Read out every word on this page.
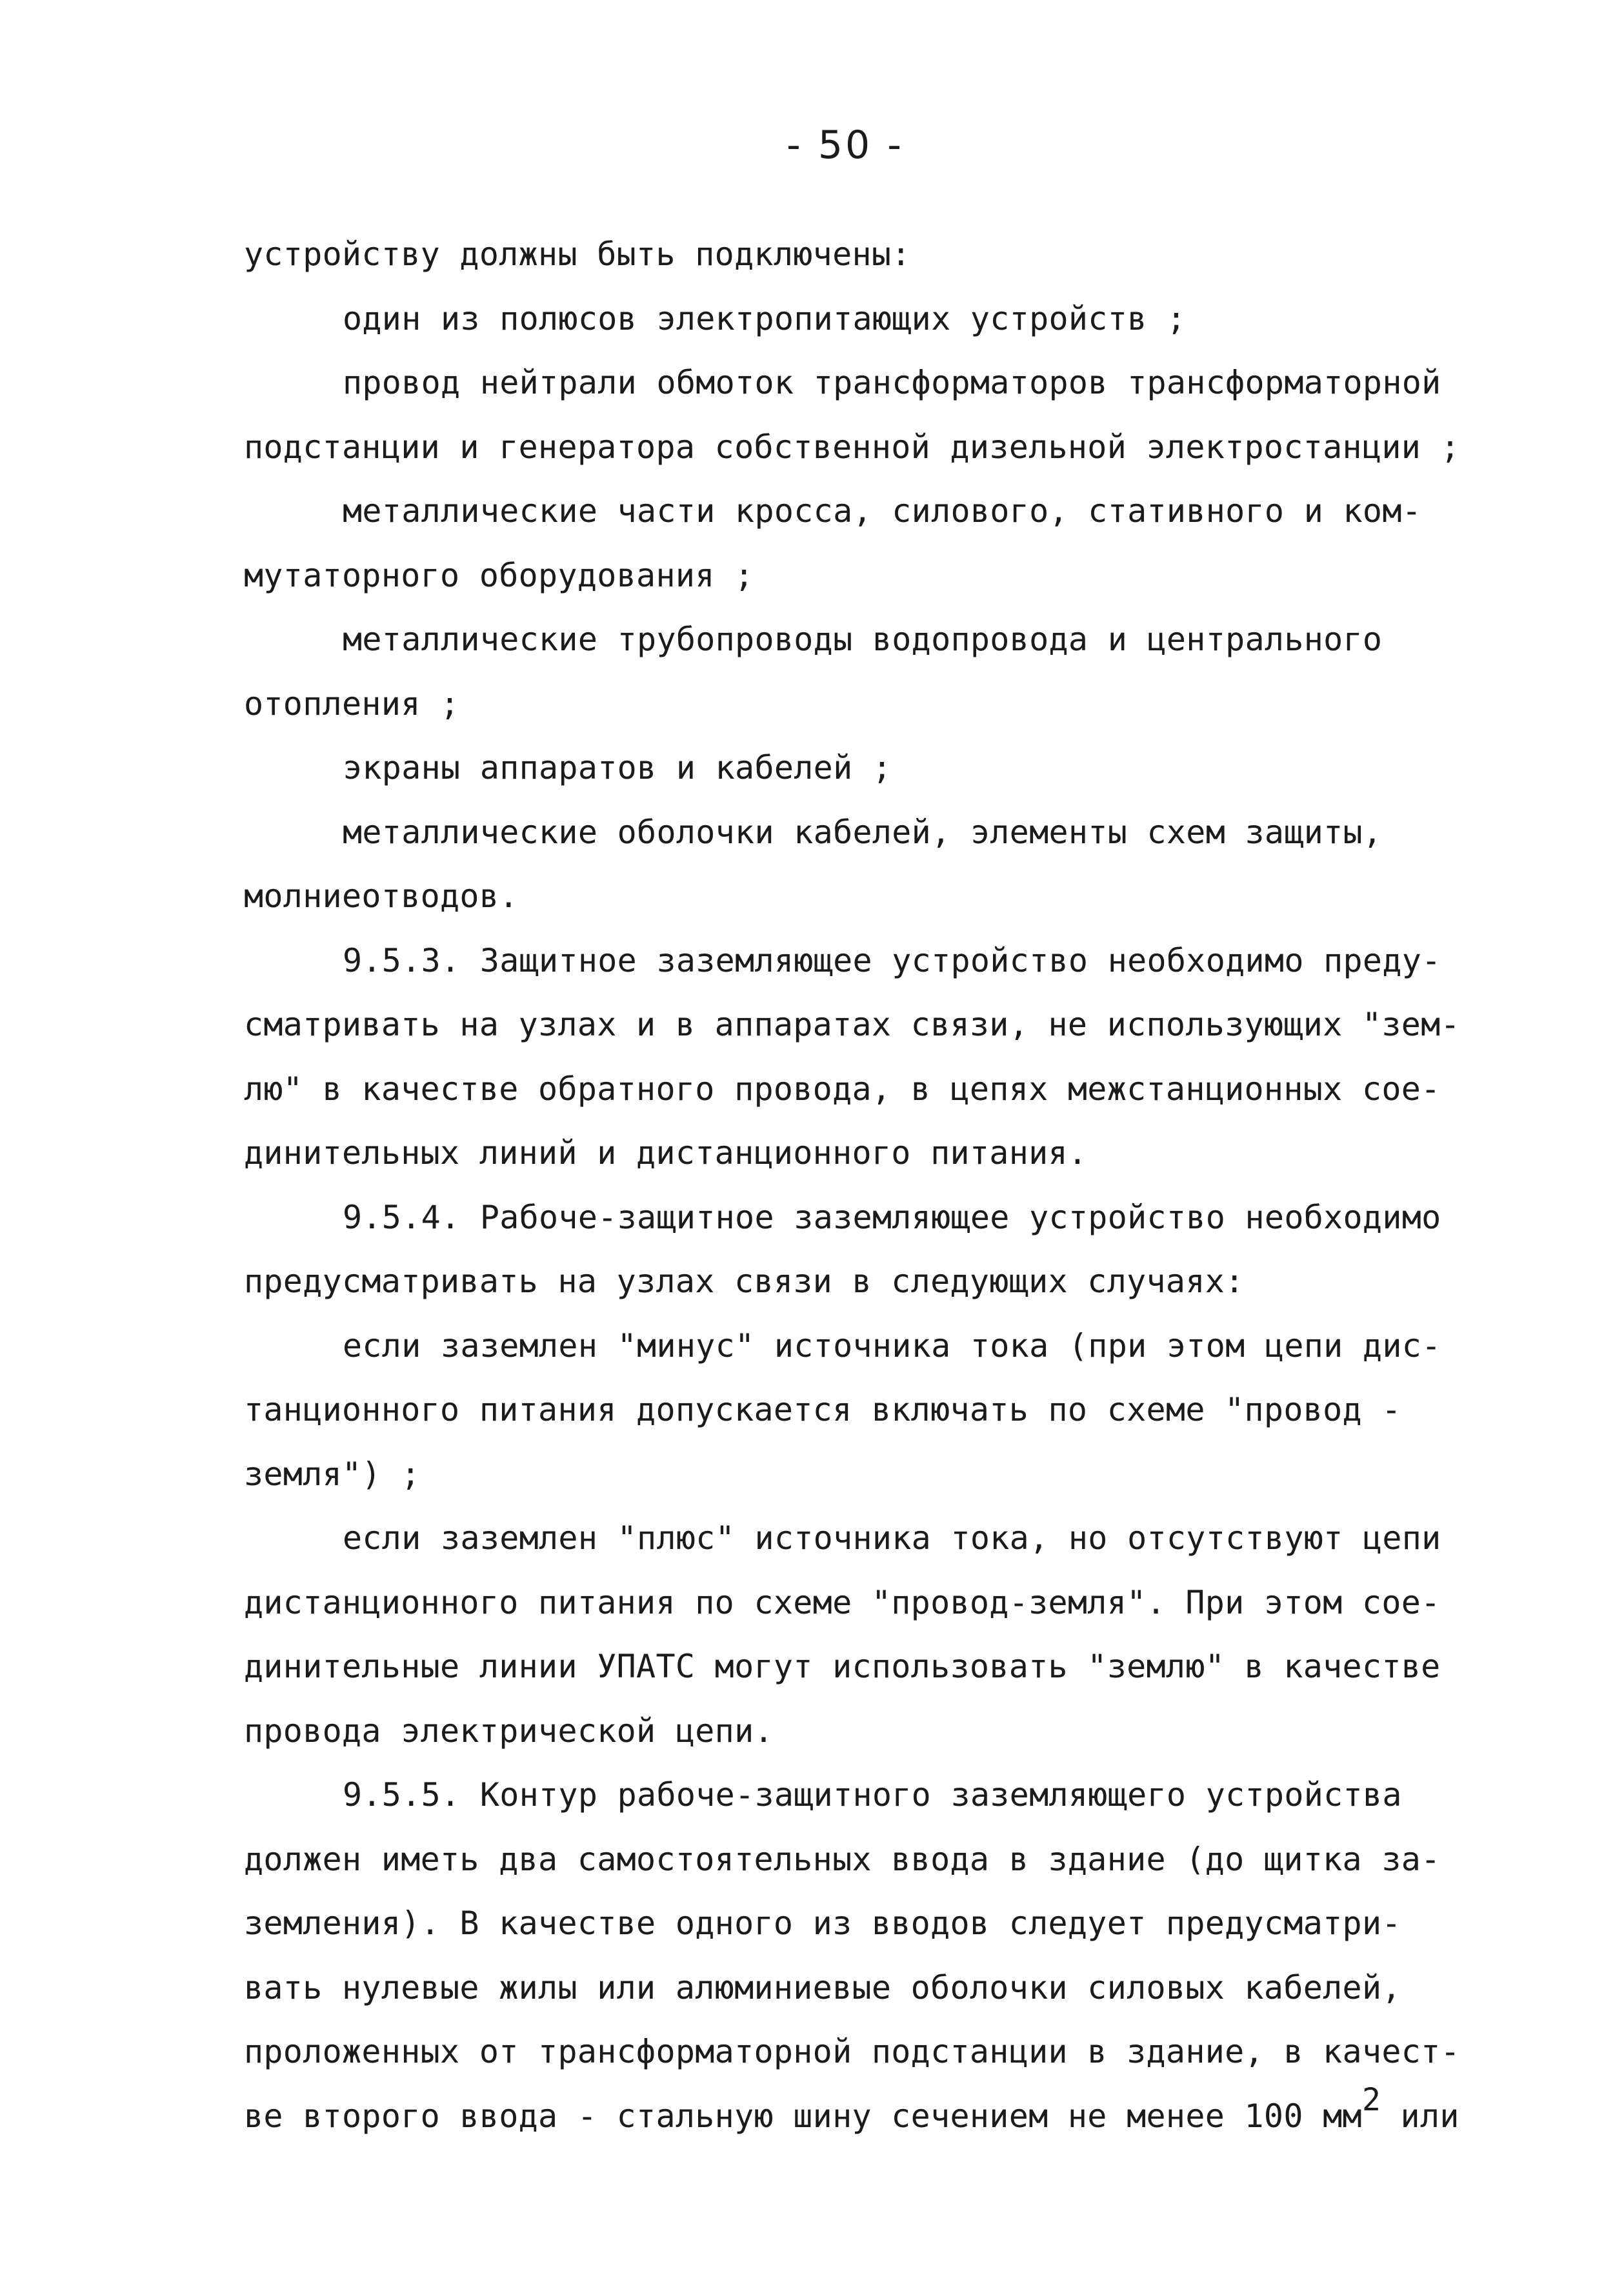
- 50 -
устройству должны быть подключены:
один из полюсов электропитающих устройств ;
провод нейтрали обмоток трансформаторов трансформаторной
подстанции и генератора собственной дизельной электростанции ;
металлические части кросса, силового, стативного и ком-
мутаторного оборудования ;
металлические трубопроводы водопровода и центрального
отопления ;
экраны аппаратов и кабелей ;
металлические оболочки кабелей, элементы схем защиты,
молниеотводов.
9.5.3. Защитное заземляющее устройство необходимо преду-
сматривать на узлах и в аппаратах связи, не использующих "зем-
лю" в качестве обратного провода, в цепях межстанционных сое-
динительных линий и дистанционного питания.
9.5.4. Рабоче-защитное заземляющее устройство необходимо
предусматривать на узлах связи в следующих случаях:
если заземлен "минус" источника тока (при этом цепи дис-
танционного питания допускается включать по схеме "провод -
земля") ;
если заземлен "плюс" источника тока, но отсутствуют цепи
дистанционного питания по схеме "провод-земля". При этом сое-
динительные линии УПАТС могут использовать "землю" в качестве
провода электрической цепи.
9.5.5. Контур рабоче-защитного заземляющего устройства
должен иметь два самостоятельных ввода в здание (до щитка за-
земления). В качестве одного из вводов следует предусматри-
вать нулевые жилы или алюминиевые оболочки силовых кабелей,
проложенных от трансформаторной подстанции в здание, в качест-
ве второго ввода - стальную шину сечением не менее 100 $мм^2$ или
